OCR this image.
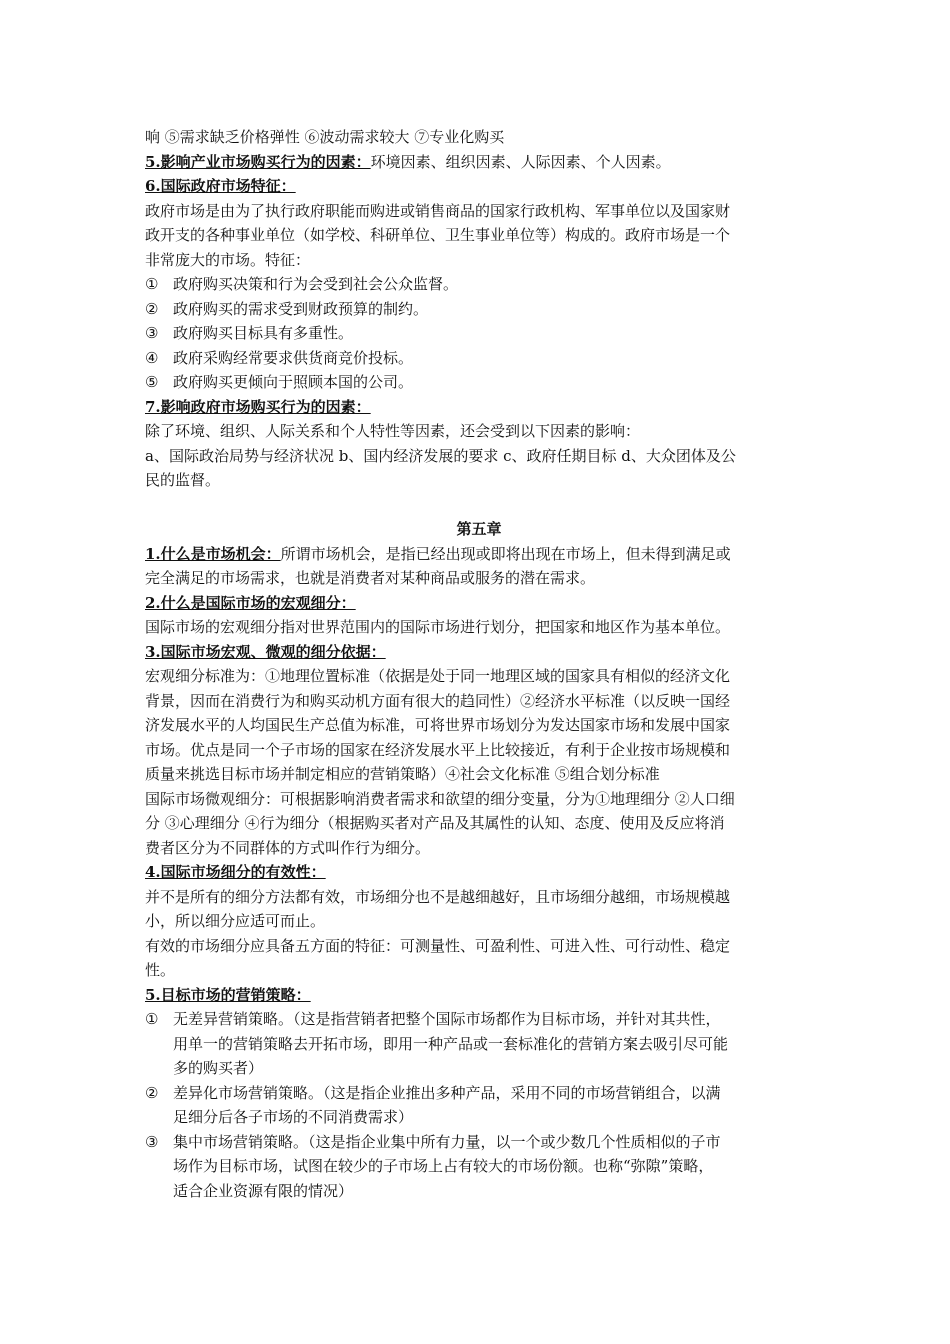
响 ⑤需求缺乏价格弹性 ⑥波动需求较大 ⑦专业化购买
5.影响产业市场购买行为的因素：环境因素、组织因素、人际因素、个人因素。
6.国际政府市场特征：
政府市场是由为了执行政府职能而购进或销售商品的国家行政机构、军事单位以及国家财
政开支的各种事业单位（如学校、科研单位、卫生事业单位等）构成的。政府市场是一个
非常庞大的市场。特征：
① 政府购买决策和行为会受到社会公众监督。
② 政府购买的需求受到财政预算的制约。
③ 政府购买目标具有多重性。
④ 政府采购经常要求供货商竞价投标。
⑤ 政府购买更倾向于照顾本国的公司。
7.影响政府市场购买行为的因素：
除了环境、组织、人际关系和个人特性等因素，还会受到以下因素的影响：
a、国际政治局势与经济状况 b、国内经济发展的要求 c、政府任期目标 d、大众团体及公
民的监督。
第五章
1.什么是市场机会：所谓市场机会，是指已经出现或即将出现在市场上，但未得到满足或
完全满足的市场需求，也就是消费者对某种商品或服务的潜在需求。
2.什么是国际市场的宏观细分：
国际市场的宏观细分指对世界范围内的国际市场进行划分，把国家和地区作为基本单位。
3.国际市场宏观、微观的细分依据：
宏观细分标准为：①地理位置标准（依据是处于同一地理区域的国家具有相似的经济文化
背景，因而在消费行为和购买动机方面有很大的趋同性）②经济水平标准（以反映一国经
济发展水平的人均国民生产总值为标准，可将世界市场划分为发达国家市场和发展中国家
市场。优点是同一个子市场的国家在经济发展水平上比较接近，有利于企业按市场规模和
质量来挑选目标市场并制定相应的营销策略）④社会文化标准 ⑤组合划分标准
国际市场微观细分：可根据影响消费者需求和欲望的细分变量，分为①地理细分 ②人口细
分 ③心理细分 ④行为细分（根据购买者对产品及其属性的认知、态度、使用及反应将消
费者区分为不同群体的方式叫作行为细分。
4.国际市场细分的有效性：
并不是所有的细分方法都有效，市场细分也不是越细越好，且市场细分越细，市场规模越
小，所以细分应适可而止。
有效的市场细分应具备五方面的特征：可测量性、可盈利性、可进入性、可行动性、稳定
性。
5.目标市场的营销策略：
① 无差异营销策略。（这是指营销者把整个国际市场都作为目标市场，并针对其共性，
用单一的营销策略去开拓市场，即用一种产品或一套标准化的营销方案去吸引尽可能
多的购买者）
② 差异化市场营销策略。（这是指企业推出多种产品，采用不同的市场营销组合，以满
足细分后各子市场的不同消费需求）
③ 集中市场营销策略。（这是指企业集中所有力量，以一个或少数几个性质相似的子市
场作为目标市场，试图在较少的子市场上占有较大的市场份额。也称“弥隙”策略，
适合企业资源有限的情况）
